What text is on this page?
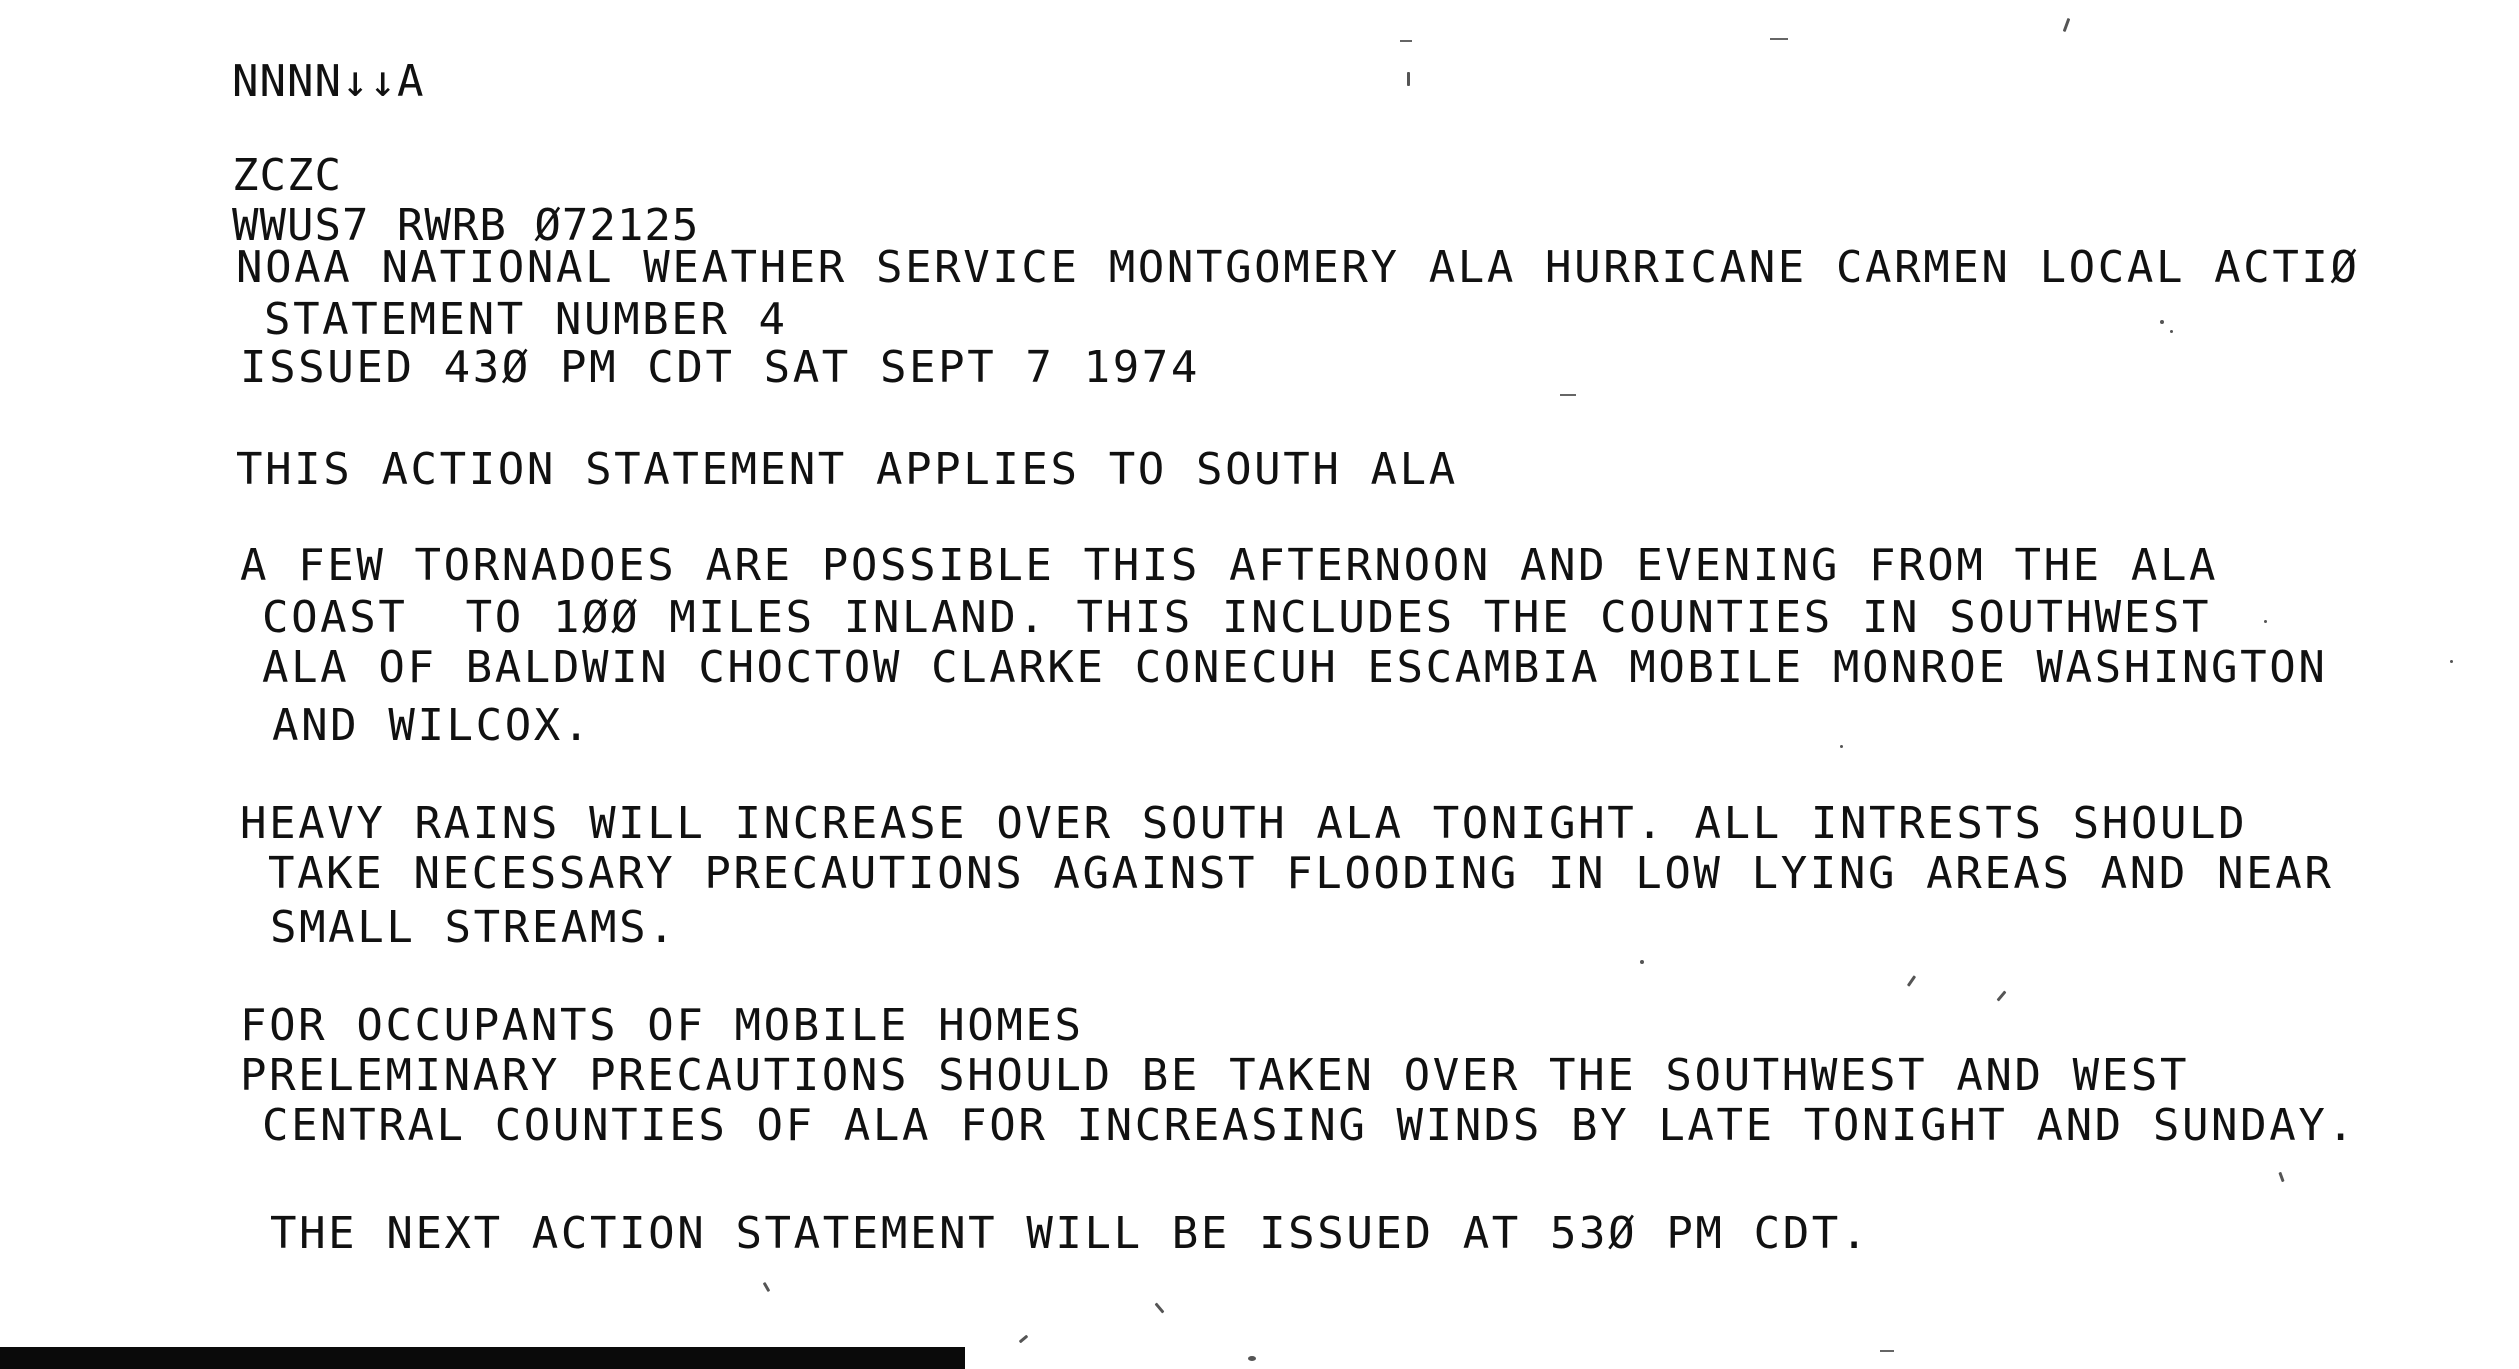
NNNN↓↓A
ZCZC
WWUS7 RWRB Ø72125
NOAA NATIONAL WEATHER SERVICE MONTGOMERY ALA HURRICANE CARMEN LOCAL ACTIØ
STATEMENT NUMBER 4
ISSUED 43Ø PM CDT SAT SEPT 7 1974
THIS ACTION STATEMENT APPLIES TO SOUTH ALA
A FEW TORNADOES ARE POSSIBLE THIS AFTERNOON AND EVENING FROM THE ALA
COAST  TO 1ØØ MILES INLAND. THIS INCLUDES THE COUNTIES IN SOUTHWEST
ALA OF BALDWIN CHOCTOW CLARKE CONECUH ESCAMBIA MOBILE MONROE WASHINGTON
AND WILCOX.
HEAVY RAINS WILL INCREASE OVER SOUTH ALA TONIGHT. ALL INTRESTS SHOULD
TAKE NECESSARY PRECAUTIONS AGAINST FLOODING IN LOW LYING AREAS AND NEAR
SMALL STREAMS.
FOR OCCUPANTS OF MOBILE HOMES
PRELEMINARY PRECAUTIONS SHOULD BE TAKEN OVER THE SOUTHWEST AND WEST
CENTRAL COUNTIES OF ALA FOR INCREASING WINDS BY LATE TONIGHT AND SUNDAY.
THE NEXT ACTION STATEMENT WILL BE ISSUED AT 53Ø PM CDT.
